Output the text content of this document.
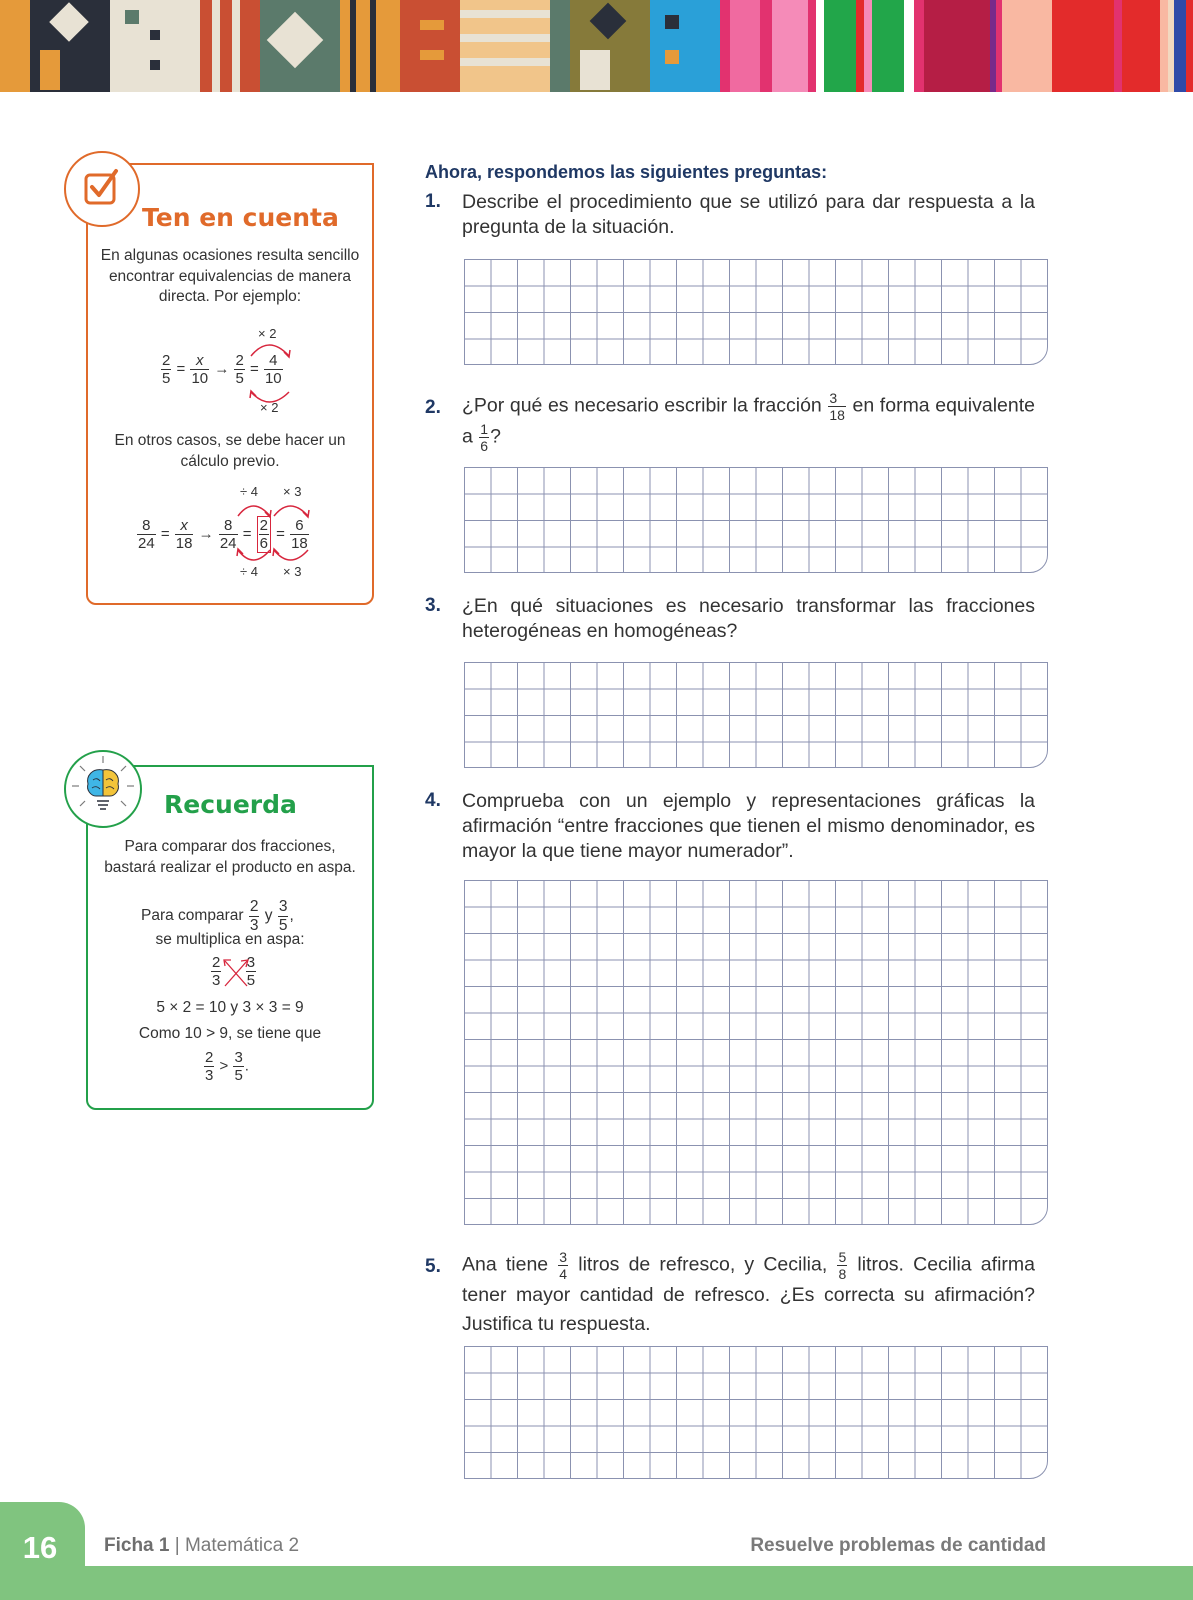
Ten en cuenta
En algunas ocasiones resulta sencillo encontrar equivalencias de manera directa. Por ejemplo:
× 2
× 2
$\frac{2}{5} = \frac{x}{10} \to \frac{2}{5} = \frac{4}{10}$
En otros casos, se debe hacer un cálculo previo.
÷ 4 × 3
÷ 4 × 3
$\frac{8}{24} = \frac{x}{18} \to \frac{8}{24} = \frac{2}{6} = \frac{6}{18}$
Recuerda
Para comparar dos fracciones, bastará realizar el producto en aspa.
Para comparar $\frac{2}{3}$ y $\frac{3}{5}$ ,
se multiplica en aspa:
$\frac{2}{3}$
$\frac{3}{5}$
5 × 2 = 10 y 3 × 3 = 9
Como 10 > 9, se tiene que
$\frac{2}{3} > \frac{3}{5}$ .
Ahora, respondemos las siguientes preguntas:
1. Describe el procedimiento que se utilizó para dar respuesta a la pregunta de la situación.
2. ¿Por qué es necesario escribir la fracción $\frac{3}{18}$ en forma equivalente a $\frac{1}{6}$ ?
3. ¿En qué situaciones es necesario transformar las fracciones heterogéneas en homogéneas?
4. Comprueba con un ejemplo y representaciones gráficas la afirmación “entre fracciones que tienen el mismo denominador, es mayor la que tiene mayor numerador”.
5. Ana tiene $\frac{3}{4}$ litros de refresco, y Cecilia, $\frac{5}{8}$ litros. Cecilia afirma tener mayor cantidad de refresco. ¿Es correcta su afirmación? Justifica tu respuesta.
16	Ficha 1 | Matemática 2	Resuelve problemas de cantidad
